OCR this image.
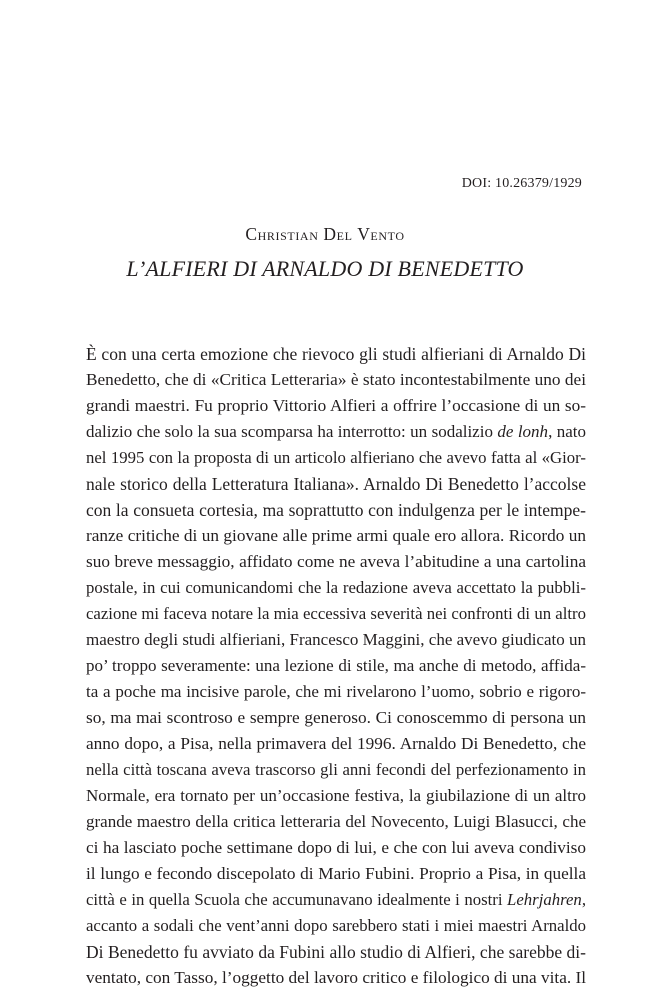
DOI: 10.26379/1929
Christian Del Vento
L’ALFIERI DI ARNALDO DI BENEDETTO
È con una certa emozione che rievoco gli studi alfieriani di Arnaldo Di
Benedetto, che di «Critica Letteraria» è stato incontestabilmente uno dei
grandi maestri. Fu proprio Vittorio Alfieri a offrire l’occasione di un so-
dalizio che solo la sua scomparsa ha interrotto: un sodalizio de lonh, nato
nel 1995 con la proposta di un articolo alfieriano che avevo fatta al «Gior-
nale storico della Letteratura Italiana». Arnaldo Di Benedetto l’accolse
con la consueta cortesia, ma soprattutto con indulgenza per le intempe-
ranze critiche di un giovane alle prime armi quale ero allora. Ricordo un
suo breve messaggio, affidato come ne aveva l’abitudine a una cartolina
postale, in cui comunicandomi che la redazione aveva accettato la pubbli-
cazione mi faceva notare la mia eccessiva severità nei confronti di un altro
maestro degli studi alfieriani, Francesco Maggini, che avevo giudicato un
po’ troppo severamente: una lezione di stile, ma anche di metodo, affida-
ta a poche ma incisive parole, che mi rivelarono l’uomo, sobrio e rigoro-
so, ma mai scontroso e sempre generoso. Ci conoscemmo di persona un
anno dopo, a Pisa, nella primavera del 1996. Arnaldo Di Benedetto, che
nella città toscana aveva trascorso gli anni fecondi del perfezionamento in
Normale, era tornato per un’occasione festiva, la giubilazione di un altro
grande maestro della critica letteraria del Novecento, Luigi Blasucci, che
ci ha lasciato poche settimane dopo di lui, e che con lui aveva condiviso
il lungo e fecondo discepolato di Mario Fubini. Proprio a Pisa, in quella
città e in quella Scuola che accumunavano idealmente i nostri Lehrjahren,
accanto a sodali che vent’anni dopo sarebbero stati i miei maestri Arnaldo
Di Benedetto fu avviato da Fubini allo studio di Alfieri, che sarebbe di-
ventato, con Tasso, l’oggetto del lavoro critico e filologico di una vita. Il
